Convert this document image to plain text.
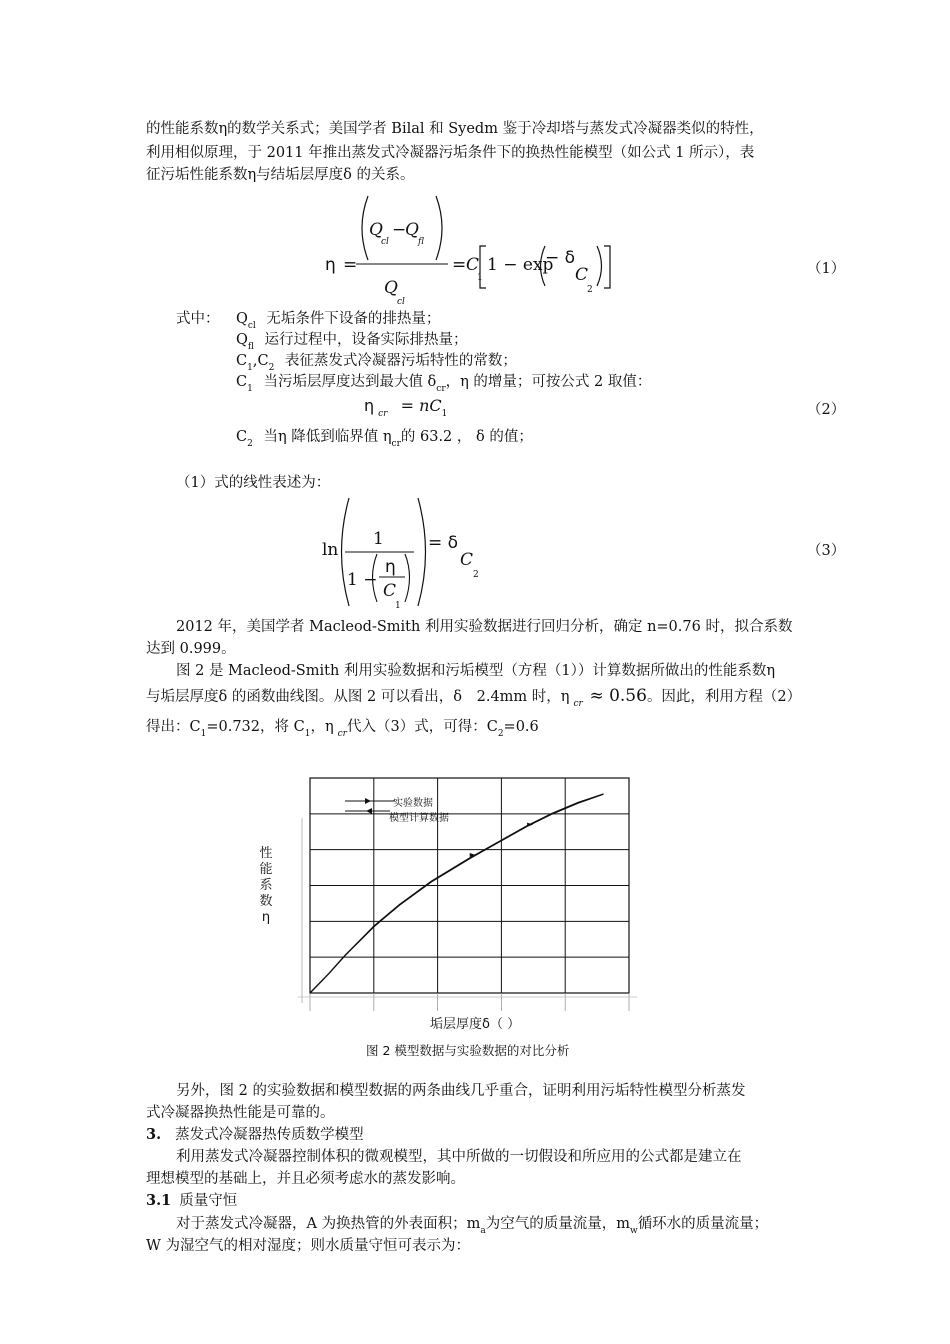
的性能系数η的数学关系式；美国学者 Bilal 和 Syedm 鉴于冷却塔与蒸发式冷凝器类似的特性，
利用相似原理，于 2011 年推出蒸发式冷凝器污垢条件下的换热性能模型（如公式 1 所示），表
征污垢性能系数η与结垢层厚度δ 的关系。
η =
Q
cl
−
Q
fl
Q
cl
= C
1
1 − exp
− δ
C
2
（1）
式中： $Q_{cl}$ 无垢条件下设备的排热量；
$Q_{fl}$ 运行过程中，设备实际排热量；
$C_1,C_2$ 表征蒸发式冷凝器污垢特性的常数；
$C_1$ 当污垢层厚度达到最大值 $\delta_{cr}$，η 的增量；可按公式 2 取值：
η $_{cr} = nC_1$	（2）
$C_2$ 当η 降低到临界值 $\eta_{cr}$的 63.2 ， δ 的值；
（1）式的线性表述为：
ln
1
1 −
η
C
1
= δ
C
2
（3）
2012 年，美国学者 Macleod-Smith 利用实验数据进行回归分析，确定 n=0.76 时，拟合系数
达到 0.999。
图 2 是 Macleod-Smith 利用实验数据和污垢模型（方程（1））计算数据所做出的性能系数η
与垢层厚度δ 的函数曲线图。从图 2 可以看出，δ 2.4mm 时，η $_{cr}$ ≈ 0.56。因此，利用方程（2）
得出：$C_1=0.732$，将 $C_1$，η $_{cr}$代入（3）式，可得：$C_2=0.6$
实验数据
模型计算数据
性能系数η
垢层厚度δ（ ）
图 2 模型数据与实验数据的对比分析
另外，图 2 的实验数据和模型数据的两条曲线几乎重合，证明利用污垢特性模型分析蒸发
式冷凝器换热性能是可靠的。
3. 蒸发式冷凝器热传质数学模型
利用蒸发式冷凝器控制体积的微观模型，其中所做的一切假设和所应用的公式都是建立在
理想模型的基础上，并且必须考虑水的蒸发影响。
3.1 质量守恒
对于蒸发式冷凝器，A 为换热管的外表面积；$m_a$为空气的质量流量，$m_w$循环水的质量流量；
W 为湿空气的相对湿度；则水质量守恒可表示为：
